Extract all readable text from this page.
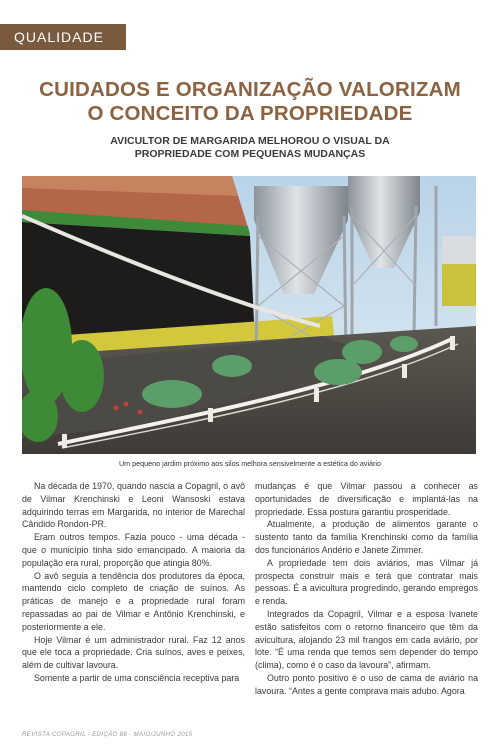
QUALIDADE
CUIDADOS E ORGANIZAÇÃO VALORIZAM
O CONCEITO DA PROPRIEDADE
AVICULTOR DE MARGARIDA MELHOROU O VISUAL DA
PROPRIEDADE COM PEQUENAS MUDANÇAS

Um pequeno jardim próximo aos silos melhora sensivelmente a estética do aviário

Na década de 1970, quando nascia a Copagril, o avô de Vilmar Krenchinski e Leoni Wansoski estava adquirindo terras em Margarida, no interior de Marechal Cândido Rondon-PR.

Eram outros tempos. Fazia pouco - uma década - que o município tinha sido emancipado. A maioria da população era rural, proporção que atingia 80%.

O avô seguia a tendência dos produtores da época, mantendo ciclo completo de criação de suínos. As práticas de manejo e a propriedade rural foram repassadas ao pai de Vilmar e Antônio Krenchinski, e posteriormente a ele.

Hoje Vilmar é um administrador rural. Faz 12 anos que ele toca a propriedade. Cria suínos, aves e peixes, além de cultivar lavoura.

Somente a partir de uma consciência receptiva para

mudanças é que Vilmar passou a conhecer as oportunidades de diversificação e implantá-las na propriedade. Essa postura garantiu prosperidade.

Atualmente, a produção de alimentos garante o sustento tanto da família Krenchinski como da família dos funcionários Andério e Janete Zimmer.

A propriedade tem dois aviários, mas Vilmar já prospecta construir mais e terá que contratar mais pessoas. É a avicultura progredindo, gerando empregos e renda.

Integrados da Copagril, Vilmar e a esposa Ivanete estão satisfeitos com o retorno financeiro que têm da avicultura, alojando 23 mil frangos em cada aviário, por lote. “É uma renda que temos sem depender do tempo (clima), como é o caso da lavoura”, afirmam.

Outro ponto positivo é o uso de cama de aviário na lavoura. “Antes a gente comprava mais adubo. Agora

REVISTA COPAGRIL - EDIÇÃO 86 - MAIO/JUNHO 2015
